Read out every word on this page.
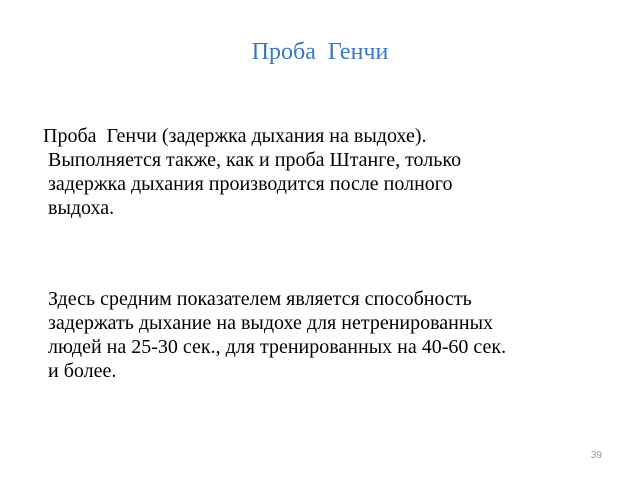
Проба  Генчи
Проба  Генчи (задержка дыхания на выдохе).
Выполняется также, как и проба Штанге, только
задержка дыхания производится после полного
выдоха.
Здесь средним показателем является способность
задержать дыхание на выдохе для нетренированных
людей на 25-30 сек., для тренированных на 40-60 сек.
и более.
39
